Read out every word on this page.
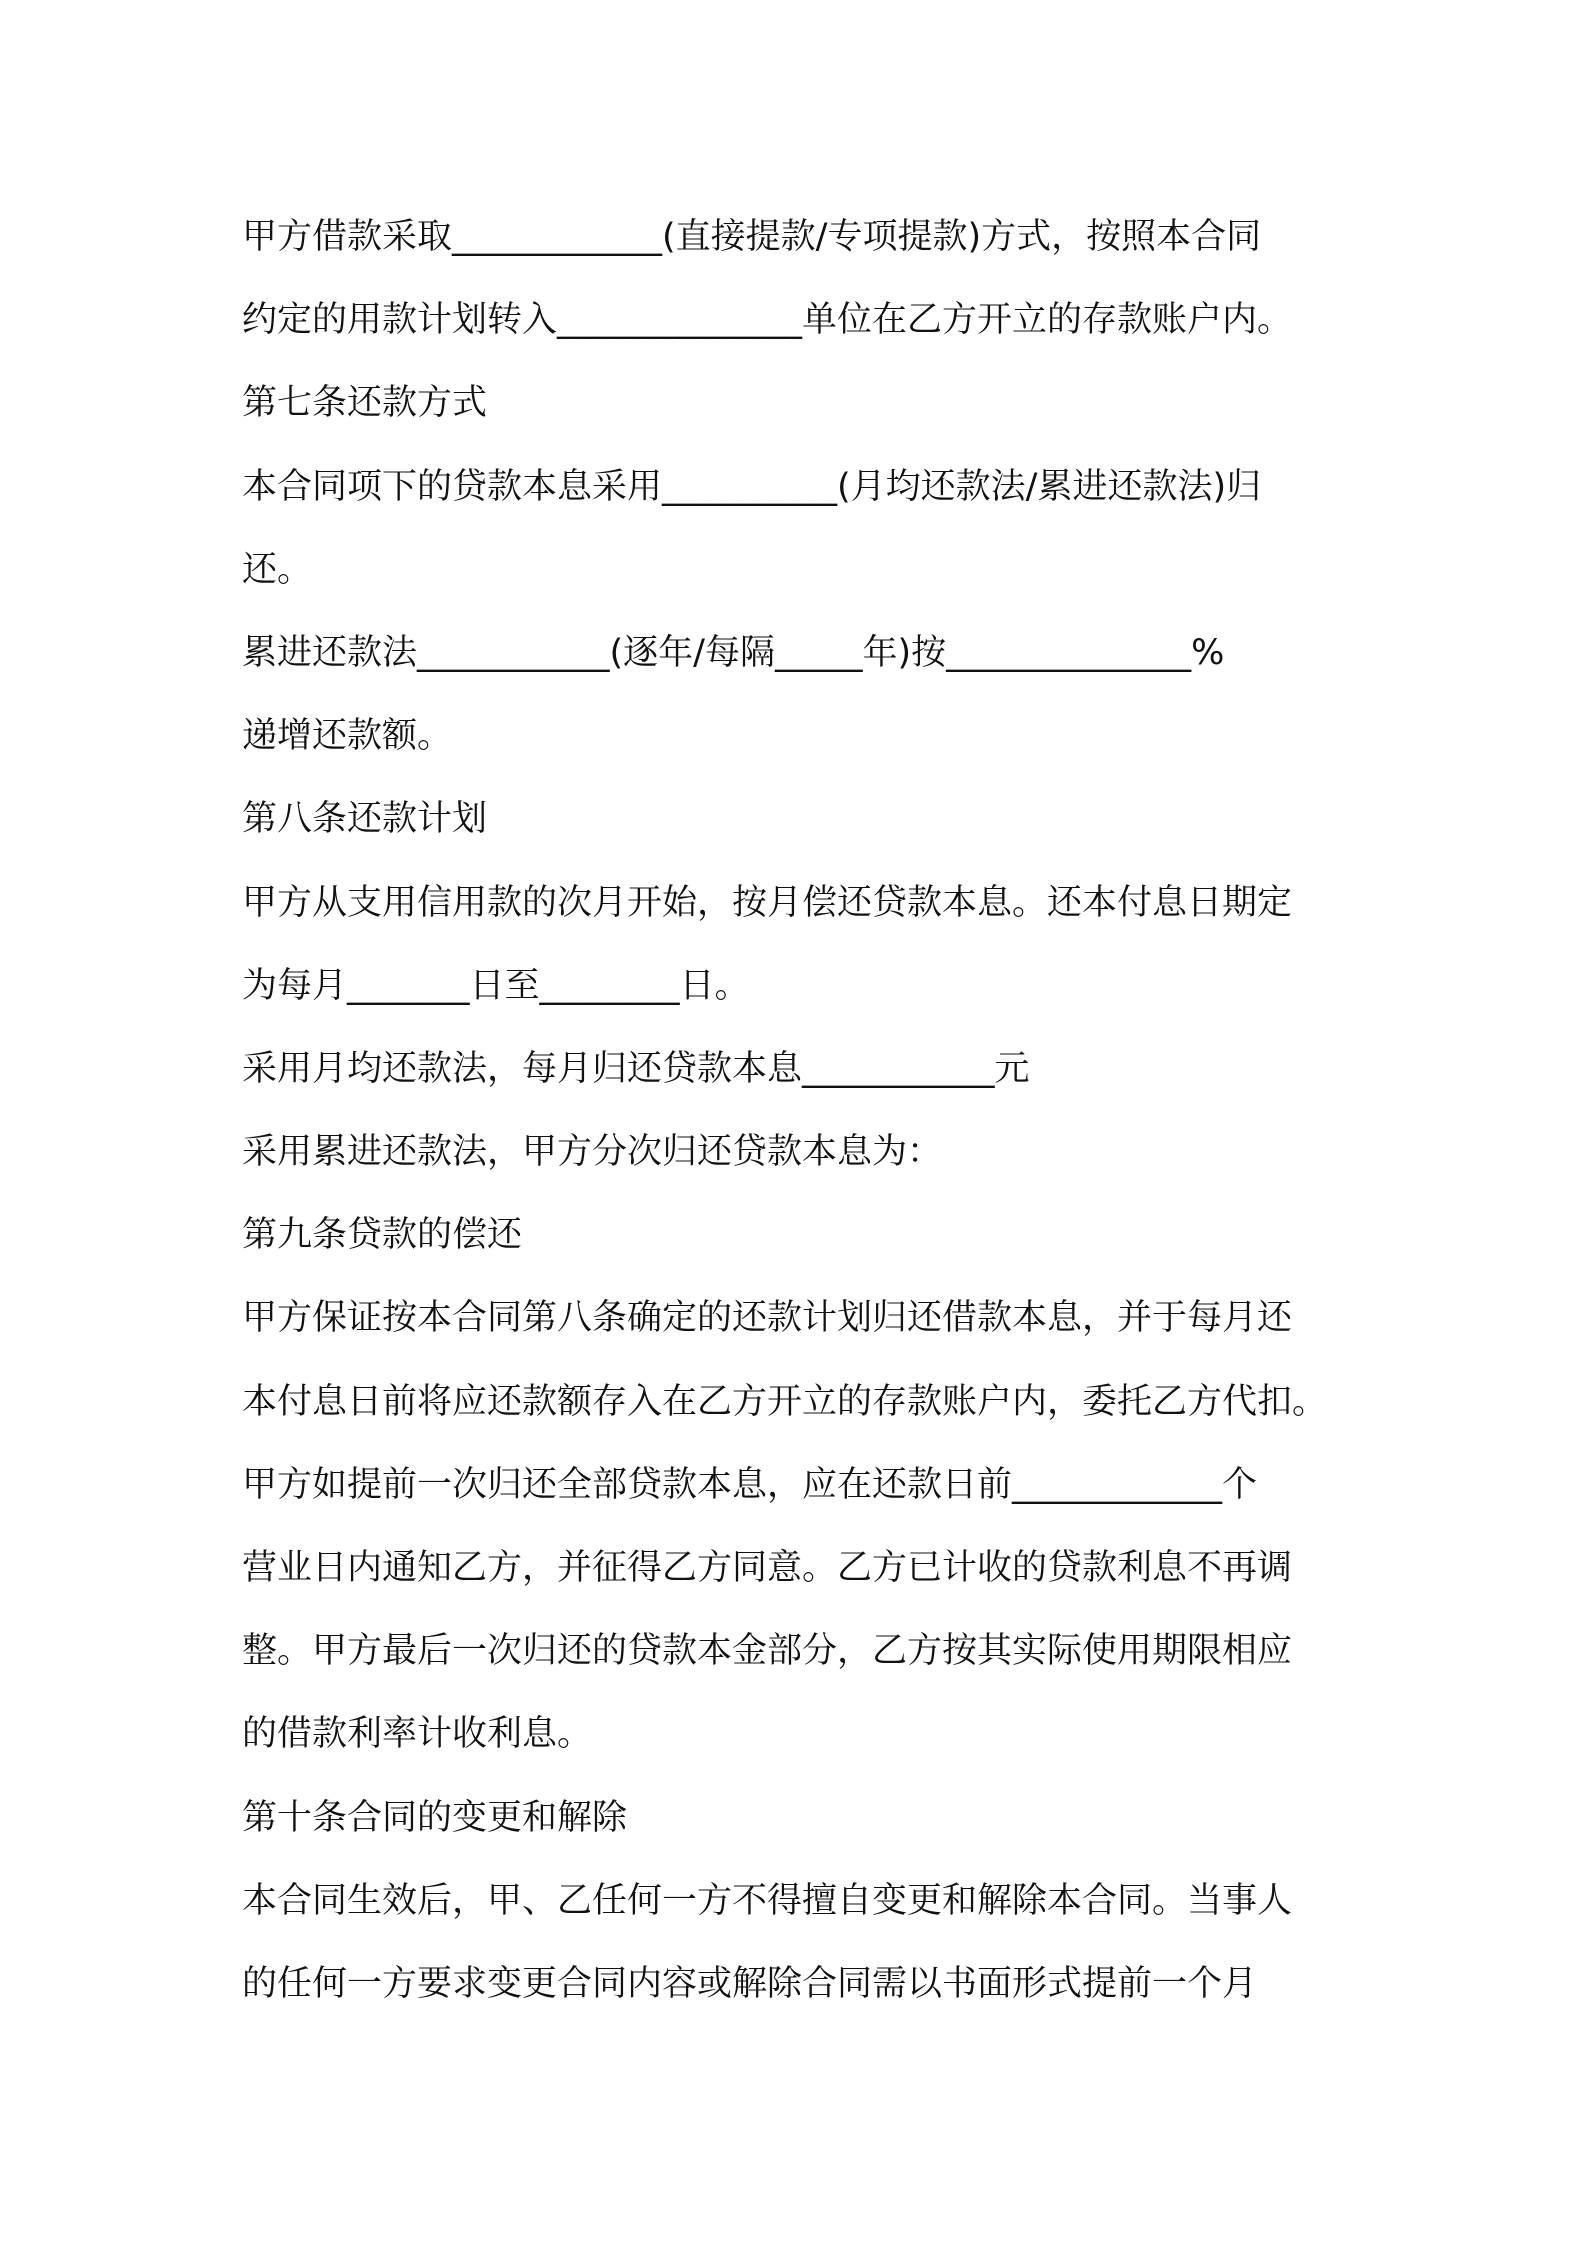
甲方借款采取____________(直接提款/专项提款)方式，按照本合同
约定的用款计划转入______________单位在乙方开立的存款账户内。
第七条还款方式
本合同项下的贷款本息采用__________(月均还款法/累进还款法)归
还。
累进还款法___________(逐年/每隔_____年)按______________%
递增还款额。
第八条还款计划
甲方从支用信用款的次月开始，按月偿还贷款本息。还本付息日期定
为每月_______日至________日。
采用月均还款法，每月归还贷款本息___________元
采用累进还款法，甲方分次归还贷款本息为：
第九条贷款的偿还
甲方保证按本合同第八条确定的还款计划归还借款本息，并于每月还
本付息日前将应还款额存入在乙方开立的存款账户内，委托乙方代扣。
甲方如提前一次归还全部贷款本息，应在还款日前____________个
营业日内通知乙方，并征得乙方同意。乙方已计收的贷款利息不再调
整。甲方最后一次归还的贷款本金部分，乙方按其实际使用期限相应
的借款利率计收利息。
第十条合同的变更和解除
本合同生效后，甲、乙任何一方不得擅自变更和解除本合同。当事人
的任何一方要求变更合同内容或解除合同需以书面形式提前一个月
